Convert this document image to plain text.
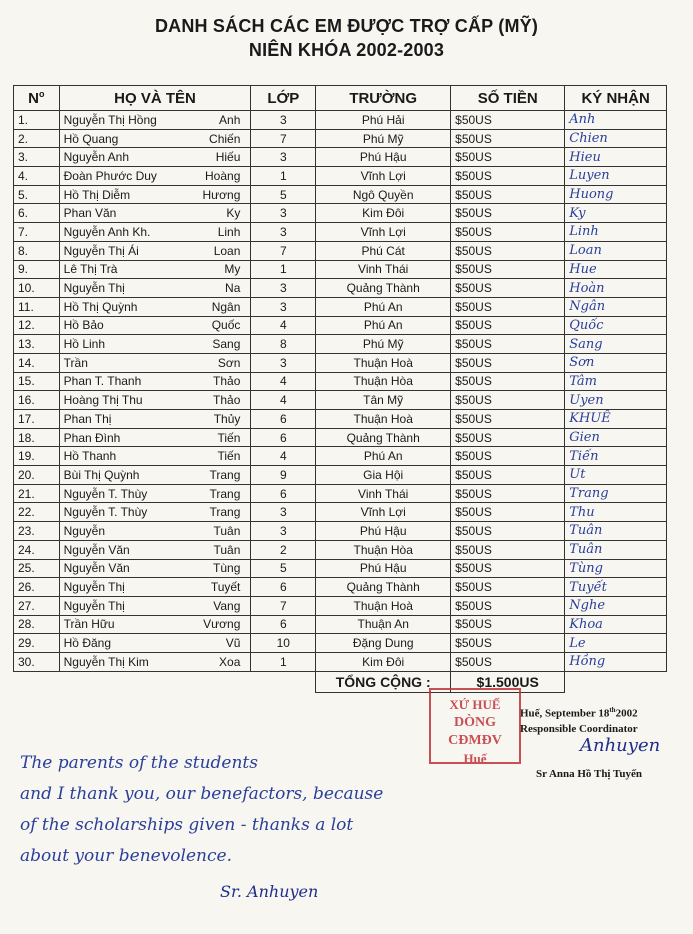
DANH SÁCH CÁC EM ĐƯỢC TRỢ CẤP (MỸ)
NIÊN KHÓA 2002-2003
$N^o$	HỌ VÀ TÊN	LỚP	TRƯỜNG	SỐ TIỀN	KÝ NHẬN
1.	Nguyễn Thị Hồng Anh	3	Phú Hải	$50US	Anh
2.	Hồ Quang Chiến	7	Phú Mỹ	$50US	Chien
3.	Nguyễn Anh Hiếu	3	Phú Hậu	$50US	Hieu
4.	Đoàn Phước Duy Hoàng	1	Vĩnh Lợi	$50US	Luyen
5.	Hồ Thị Diễm Hương	5	Ngô Quyền	$50US	Huong
6.	Phan Văn Ky	3	Kim Đôi	$50US	Ky
7.	Nguyễn Anh Kh. Linh	3	Vĩnh Lợi	$50US	Linh
8.	Nguyễn Thị Ái Loan	7	Phú Cát	$50US	Loan
9.	Lê Thị Trà My	1	Vinh Thái	$50US	Hue
10.	Nguyễn Thị Na	3	Quảng Thành	$50US	Hoàn
11.	Hồ Thị Quỳnh Ngân	3	Phú An	$50US	Ngân
12.	Hồ Bảo Quốc	4	Phú An	$50US	Quốc
13.	Hồ Linh Sang	8	Phú Mỹ	$50US	Sang
14.	Trần Sơn	3	Thuận Hoà	$50US	Sơn
15.	Phan T. Thanh Thảo	4	Thuận Hòa	$50US	Tâm
16.	Hoàng Thị Thu Thảo	4	Tân Mỹ	$50US	Uyen
17.	Phan Thị Thủy	6	Thuận Hoà	$50US	KHUÊ
18.	Phan Đình Tiến	6	Quảng Thành	$50US	Gien
19.	Hồ Thanh Tiến	4	Phú An	$50US	Tiến
20.	Bùi Thị Quỳnh Trang	9	Gia Hội	$50US	Ut
21.	Nguyễn T. Thùy Trang	6	Vinh Thái	$50US	Trang
22.	Nguyễn T. Thùy Trang	3	Vĩnh Lợi	$50US	Thu
23.	Nguyễn Tuân	3	Phú Hậu	$50US	Tuân
24.	Nguyễn Văn Tuân	2	Thuận Hòa	$50US	Tuân
25.	Nguyễn Văn Tùng	5	Phú Hậu	$50US	Tùng
26.	Nguyễn Thị Tuyết	6	Quảng Thành	$50US	Tuyết
27.	Nguyễn Thị Vang	7	Thuận Hoà	$50US	Nghe
28.	Trần Hữu Vương	6	Thuận An	$50US	Khoa
29.	Hồ Đăng Vũ	10	Đặng Dung	$50US	Le
30.	Nguyễn Thị Kim Xoa	1	Kim Đôi	$50US	Hồng
			TỔNG CỘNG :	$1.500US	
XỨ HUẾ
DÒNG CĐMĐV
Huế
Huế, September 18th2002
Responsible Coordinator
Anhuyen
Sr Anna Hồ Thị Tuyến
The parents of the students
and I thank you, our benefactors, because
of the scholarships given - thanks a lot
about your benevolence.
Sr. Anhuyen
